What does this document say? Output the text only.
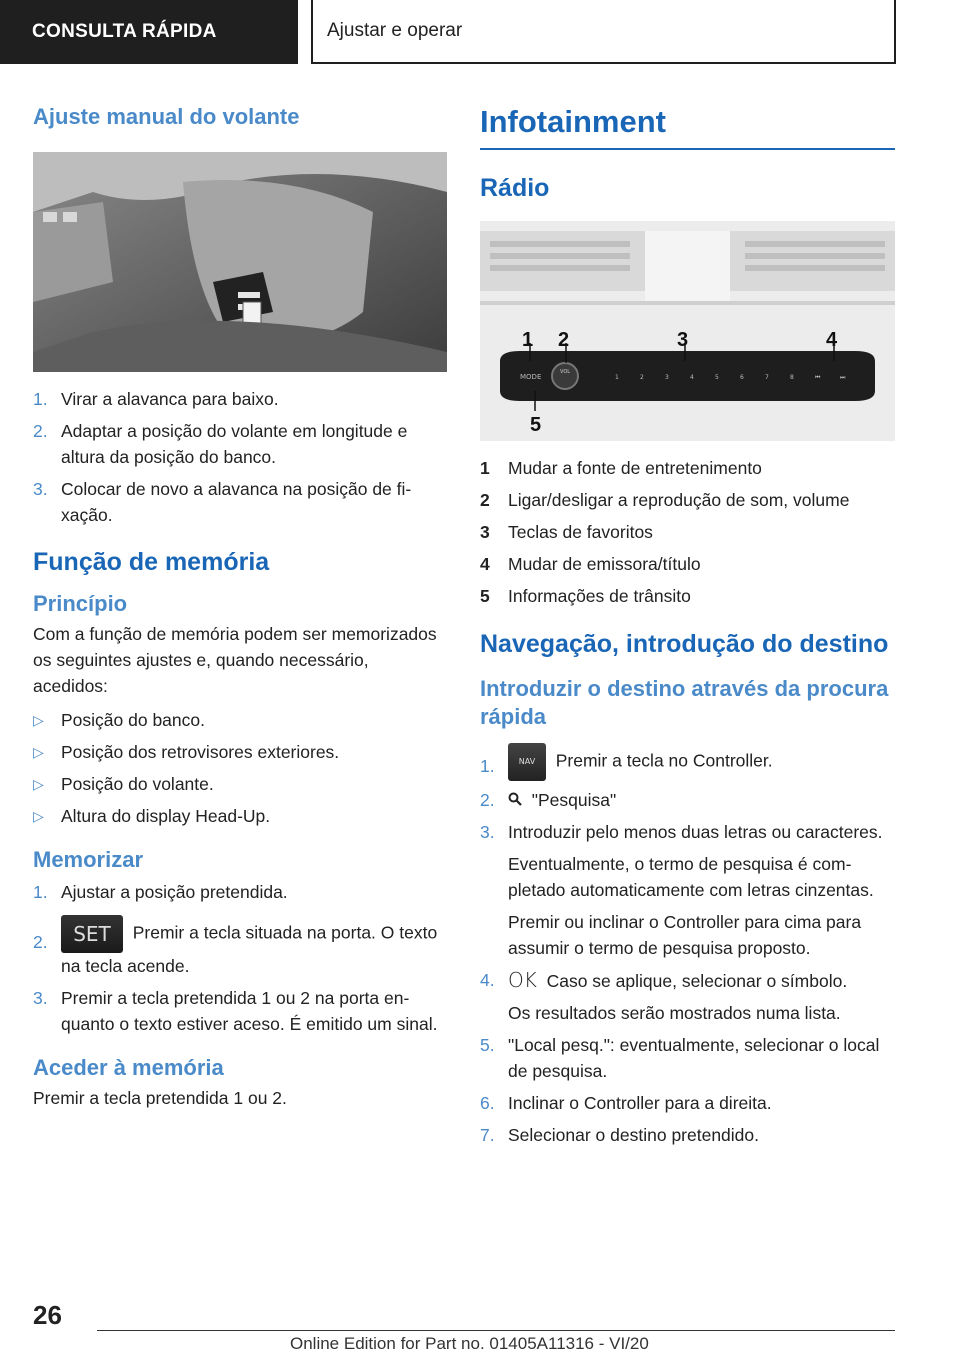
CONSULTA RÁPIDA	Ajustar e operar
Ajuste manual do volante
1. Virar a alavanca para baixo.
2. Adaptar a posição do volante em longitude e altura da posição do banco.
3. Colocar de novo a alavanca na posição de fixação.
Função de memória
Princípio

Com a função de memória podem ser memorizados os seguintes ajustes e, quando necessário, acedidos:

▷ Posição do banco.
▷ Posição dos retrovisores exteriores.
▷ Posição do volante.
▷ Altura do display Head-Up.
Memorizar
1. Ajustar a posição pretendida.
2. SET Premir a tecla situada na porta. O texto na tecla acende.
3. Premir a tecla pretendida 1 ou 2 na porta enquanto o texto estiver aceso. É emitido um sinal.
Aceder à memória

Premir a tecla pretendida 1 ou 2.

Infotainment
Rádio
MODE
VOL
1	2	3	4	5	6	7	8	⏮	⏭
1 2	3	4
5
1 Mudar a fonte de entretenimento
2 Ligar/desligar a reprodução de som, volume
3 Teclas de favoritos
4 Mudar de emissora/título
5 Informações de trânsito
Navegação, introdução do destino
Introduzir o destino através da procura rápida
1.	NAV Premir a tecla no Controller.
2. "Pesquisa"
3. Introduzir pelo menos duas letras ou caracteres.
Eventualmente, o termo de pesquisa é completado automaticamente com letras cinzentas.
Premir ou inclinar o Controller para cima para assumir o termo de pesquisa proposto.
4. OK Caso se aplique, selecionar o símbolo.
Os resultados serão mostrados numa lista.
5. "Local pesq.": eventualmente, selecionar o local de pesquisa.
6. Inclinar o Controller para a direita.
7. Selecionar o destino pretendido.
26
Online Edition for Part no. 01405A11316 - VI/20
